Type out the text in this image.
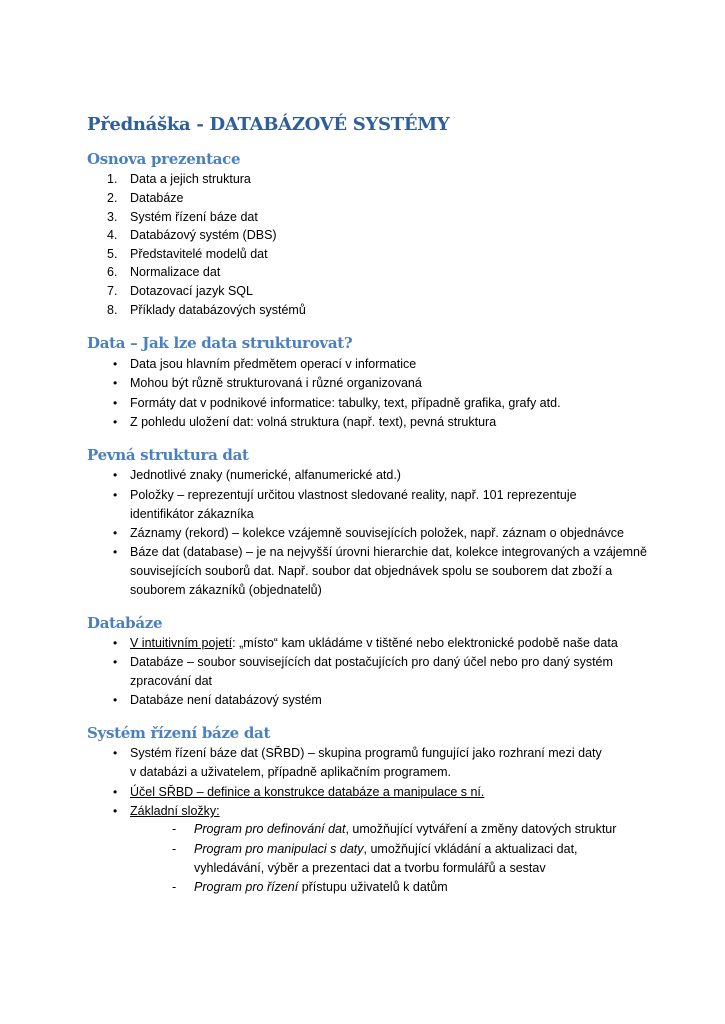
Přednáška - DATABÁZOVÉ SYSTÉMY
Osnova prezentace
1. Data a jejich struktura
2. Databáze
3. Systém řízení báze dat
4. Databázový systém (DBS)
5. Představitelé modelů dat
6. Normalizace dat
7. Dotazovací jazyk SQL
8. Příklady databázových systémů
Data – Jak lze data strukturovat?
• Data jsou hlavním předmětem operací v informatice
• Mohou být různě strukturovaná i různé organizovaná
• Formáty dat v podnikové informatice: tabulky, text, případně grafika, grafy atd.
• Z pohledu uložení dat: volná struktura (např. text), pevná struktura
Pevná struktura dat
• Jednotlivé znaky (numerické, alfanumerické atd.)
• Položky – reprezentují určitou vlastnost sledované reality, např. 101 reprezentuje
identifikátor zákazníka
• Záznamy (rekord) – kolekce vzájemně souvisejících položek, např. záznam o objednávce
• Báze dat (database) – je na nejvyšší úrovni hierarchie dat, kolekce integrovaných a vzájemně
souvisejících souborů dat. Např. soubor dat objednávek spolu se souborem dat zboží a
souborem zákazníků (objednatelů)
Databáze
• V intuitivním pojetí: „místo“ kam ukládáme v tištěné nebo elektronické podobě naše data
• Databáze – soubor souvisejících dat postačujících pro daný účel nebo pro daný systém
zpracování dat
• Databáze není databázový systém
Systém řízení báze dat
• Systém řízení báze dat (SŘBD) – skupina programů fungující jako rozhraní mezi daty
v databázi a uživatelem, případně aplikačním programem.
• Účel SŘBD – definice a konstrukce databáze a manipulace s ní.
• Základní složky:
- Program pro definování dat, umožňující vytváření a změny datových struktur
- Program pro manipulaci s daty, umožňující vkládání a aktualizaci dat,
vyhledávání, výběr a prezentaci dat a tvorbu formulářů a sestav
- Program pro řízení přístupu uživatelů k datům
